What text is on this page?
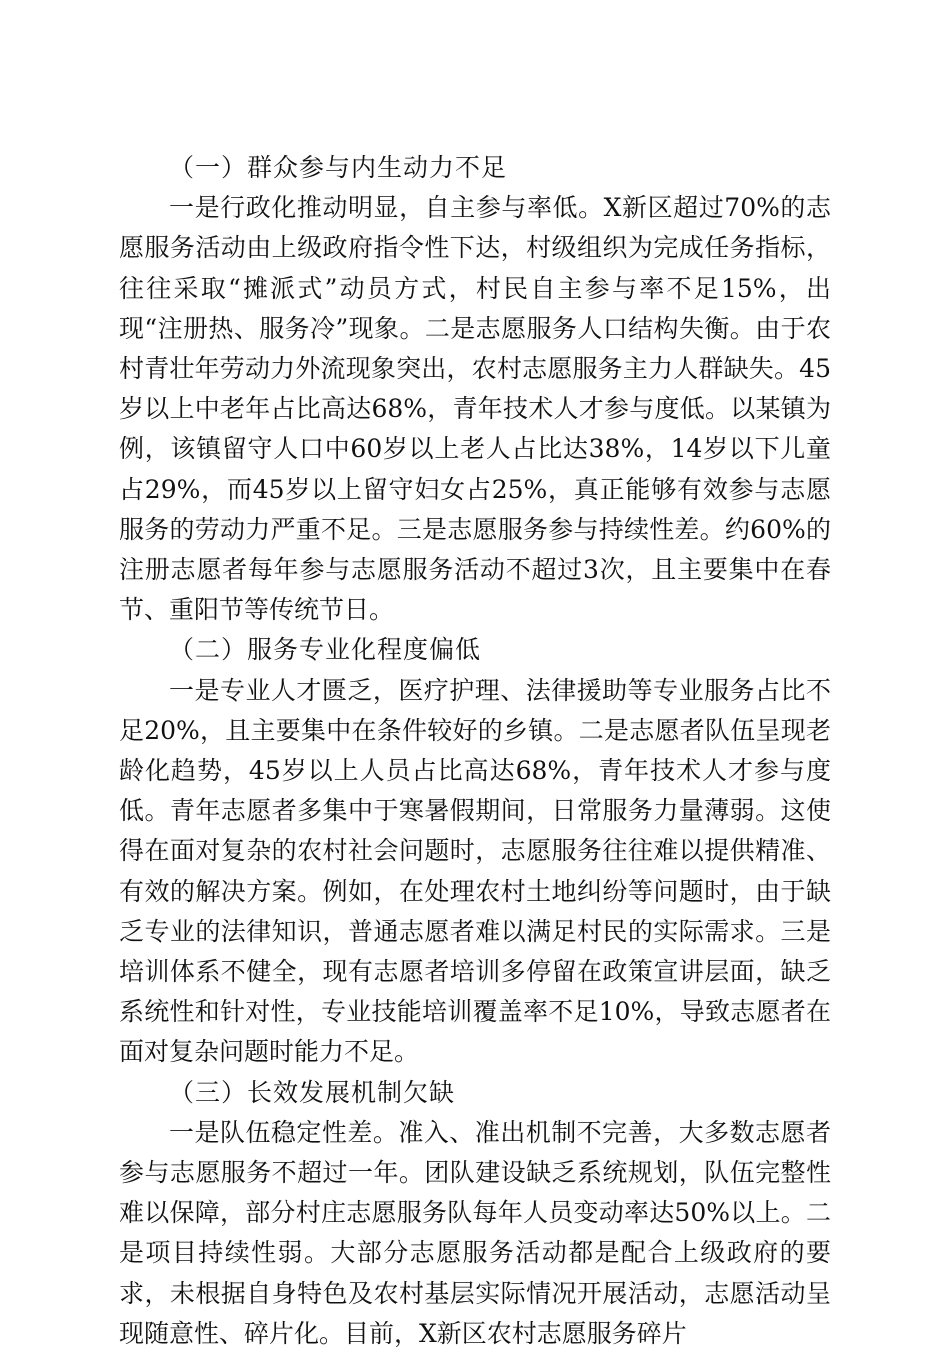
（一）群众参与内生动力不足

一是行政化推动明显，自主参与率低。X新区超过70%的志愿服务活动由上级政府指令性下达，村级组织为完成任务指标，往往采取“摊派式”动员方式，村民自主参与率不足15%，出现“注册热、服务冷”现象。二是志愿服务人口结构失衡。由于农村青壮年劳动力外流现象突出，农村志愿服务主力人群缺失。45岁以上中老年占比高达68%，青年技术人才参与度低。以某镇为例，该镇留守人口中60岁以上老人占比达38%，14岁以下儿童占29%，而45岁以上留守妇女占25%，真正能够有效参与志愿服务的劳动力严重不足。三是志愿服务参与持续性差。约60%的注册志愿者每年参与志愿服务活动不超过3次，且主要集中在春节、重阳节等传统节日。

（二）服务专业化程度偏低

一是专业人才匮乏，医疗护理、法律援助等专业服务占比不足20%，且主要集中在条件较好的乡镇。二是志愿者队伍呈现老龄化趋势，45岁以上人员占比高达68%，青年技术人才参与度低。青年志愿者多集中于寒暑假期间，日常服务力量薄弱。这使得在面对复杂的农村社会问题时，志愿服务往往难以提供精准、有效的解决方案。例如，在处理农村土地纠纷等问题时，由于缺乏专业的法律知识，普通志愿者难以满足村民的实际需求。三是培训体系不健全，现有志愿者培训多停留在政策宣讲层面，缺乏系统性和针对性，专业技能培训覆盖率不足10%，导致志愿者在面对复杂问题时能力不足。

（三）长效发展机制欠缺

一是队伍稳定性差。准入、准出机制不完善，大多数志愿者参与志愿服务不超过一年。团队建设缺乏系统规划，队伍完整性难以保障，部分村庄志愿服务队每年人员变动率达50%以上。二是项目持续性弱。大部分志愿服务活动都是配合上级政府的要求，未根据自身特色及农村基层实际情况开展活动，志愿活动呈现随意性、碎片化。目前，X新区农村志愿服务碎片
